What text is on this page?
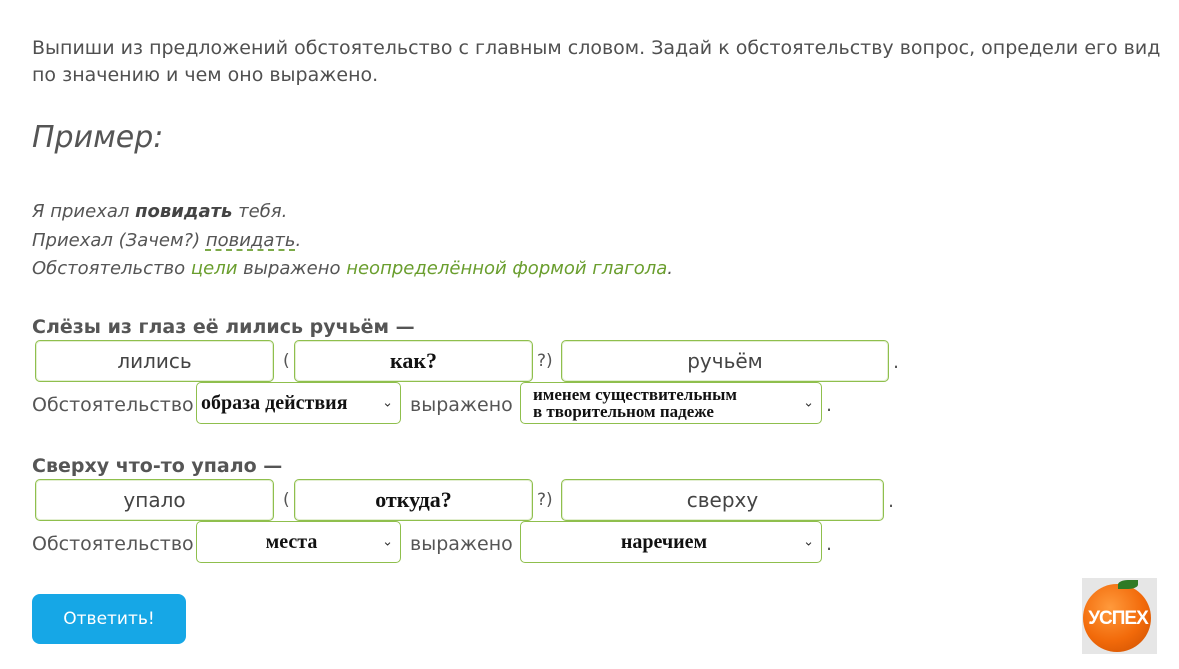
Выпиши из предложений обстоятельство с главным словом. Задай к обстоятельству вопрос, определи его вид по значению и чем оно выражено.
Пример:
Я приехал повидать тебя.
Приехал (Зачем?) повидать.
Обстоятельство цели выражено неопределённой формой глагола.
Слёзы из глаз её лились ручьём —
лились	(	как?	?)	ручьём	.
Обстоятельство образа действия	⌄ выражено именем существительным
в творительном падеже	⌄ .
Сверху что-то упало —
упало	(	откуда?	?)	сверху	.
Обстоятельство	места	⌄ выражено	наречием	⌄ .
Ответить!	УСПЕХ
